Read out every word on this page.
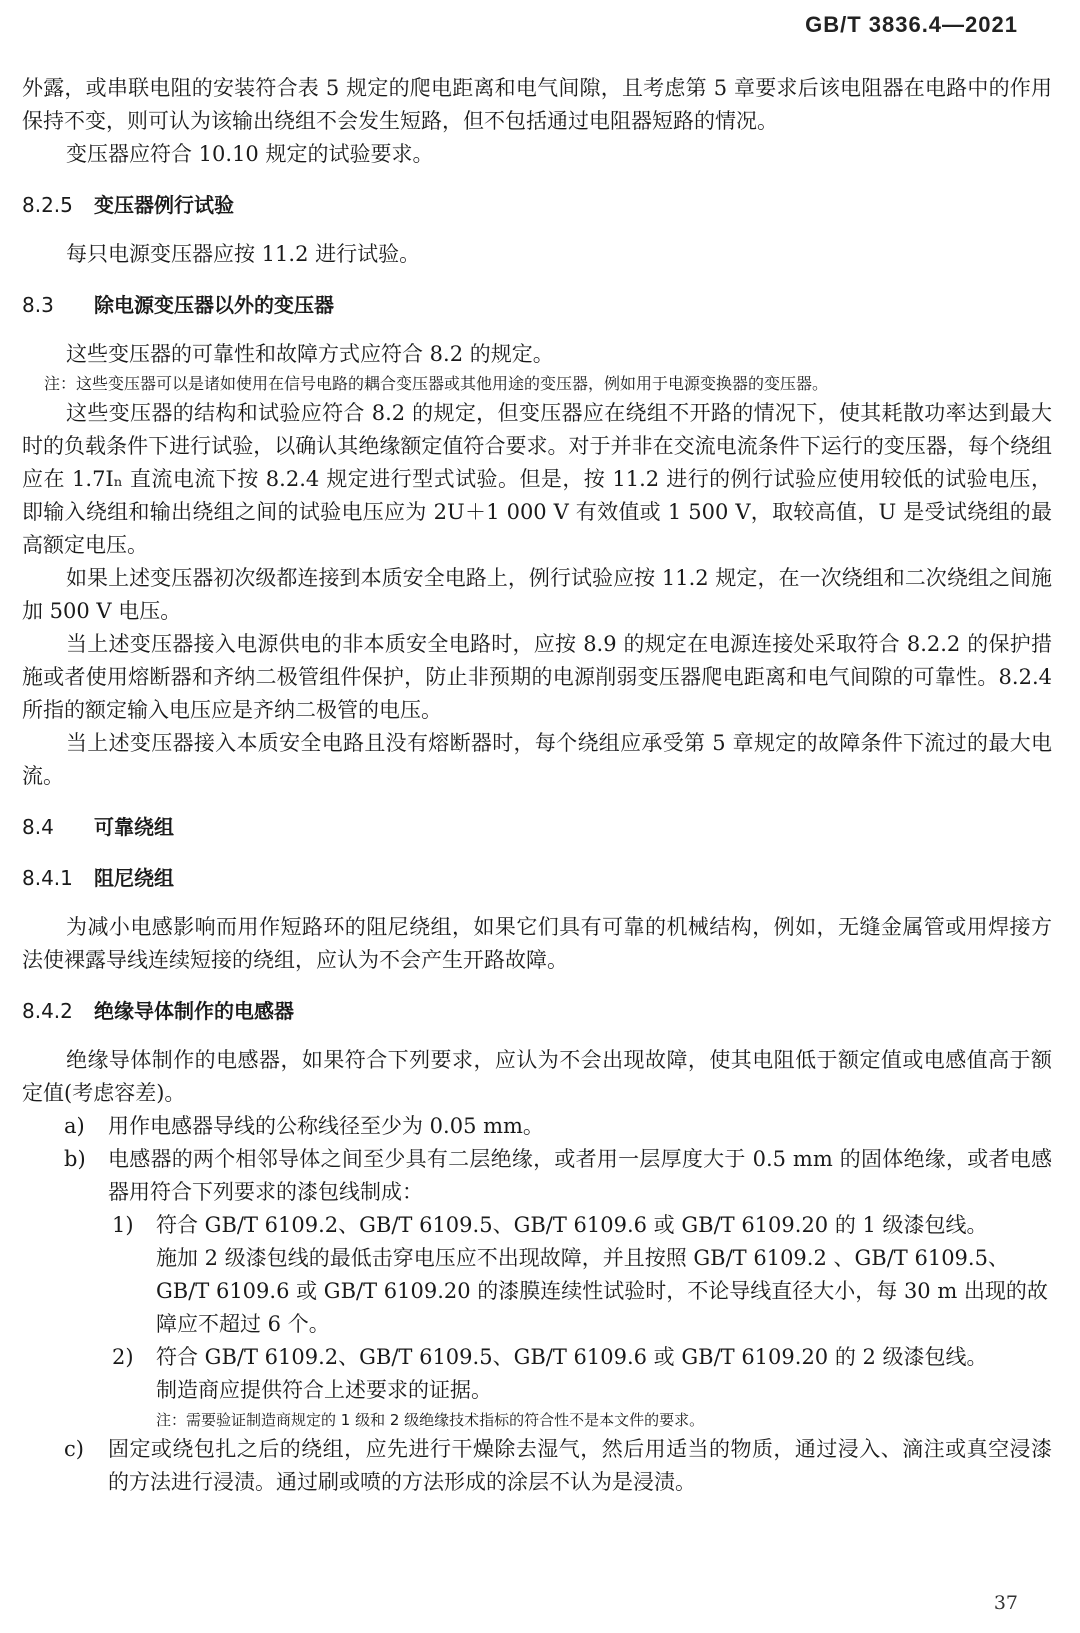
GB/T 3836.4—2021

外露，或串联电阻的安装符合表 5 规定的爬电距离和电气间隙，且考虑第 5 章要求后该电阻器在电路中的作用保持不变，则可认为该输出绕组不会发生短路，但不包括通过电阻器短路的情况。

变压器应符合 10.10 规定的试验要求。

8.2.5 变压器例行试验

每只电源变压器应按 11.2 进行试验。

8.3 除电源变压器以外的变压器

这些变压器的可靠性和故障方式应符合 8.2 的规定。

注：这些变压器可以是诸如使用在信号电路的耦合变压器或其他用途的变压器，例如用于电源变换器的变压器。

这些变压器的结构和试验应符合 8.2 的规定，但变压器应在绕组不开路的情况下，使其耗散功率达到最大时的负载条件下进行试验，以确认其绝缘额定值符合要求。对于并非在交流电流条件下运行的变压器，每个绕组应在 1.7Iₙ 直流电流下按 8.2.4 规定进行型式试验。但是，按 11.2 进行的例行试验应使用较低的试验电压，即输入绕组和输出绕组之间的试验电压应为 2U＋1 000 V 有效值或 1 500 V，取较高值，U 是受试绕组的最高额定电压。

如果上述变压器初次级都连接到本质安全电路上，例行试验应按 11.2 规定，在一次绕组和二次绕组之间施加 500 V 电压。

当上述变压器接入电源供电的非本质安全电路时，应按 8.9 的规定在电源连接处采取符合 8.2.2 的保护措施或者使用熔断器和齐纳二极管组件保护，防止非预期的电源削弱变压器爬电距离和电气间隙的可靠性。8.2.4 所指的额定输入电压应是齐纳二极管的电压。

当上述变压器接入本质安全电路且没有熔断器时，每个绕组应承受第 5 章规定的故障条件下流过的最大电流。

8.4 可靠绕组
8.4.1 阻尼绕组

为减小电感影响而用作短路环的阻尼绕组，如果它们具有可靠的机械结构，例如，无缝金属管或用焊接方法使裸露导线连续短接的绕组，应认为不会产生开路故障。

8.4.2 绝缘导体制作的电感器

绝缘导体制作的电感器，如果符合下列要求，应认为不会出现故障，使其电阻低于额定值或电感值高于额定值(考虑容差)。

a) 用作电感器导线的公称线径至少为 0.05 mm。
b) 电感器的两个相邻导体之间至少具有二层绝缘，或者用一层厚度大于 0.5 mm 的固体绝缘，或者电感器用符合下列要求的漆包线制成：
1) 符合 GB/T 6109.2、GB/T 6109.5、GB/T 6109.6 或 GB/T 6109.20 的 1 级漆包线。
施加 2 级漆包线的最低击穿电压应不出现故障，并且按照 GB/T 6109.2 、GB/T 6109.5、GB/T 6109.6 或 GB/T 6109.20 的漆膜连续性试验时，不论导线直径大小，每 30 m 出现的故障应不超过 6 个。
2) 符合 GB/T 6109.2、GB/T 6109.5、GB/T 6109.6 或 GB/T 6109.20 的 2 级漆包线。
制造商应提供符合上述要求的证据。
注：需要验证制造商规定的 1 级和 2 级绝缘技术指标的符合性不是本文件的要求。
c) 固定或绕包扎之后的绕组，应先进行干燥除去湿气，然后用适当的物质，通过浸入、滴注或真空浸漆的方法进行浸渍。通过刷或喷的方法形成的涂层不认为是浸渍。
37
